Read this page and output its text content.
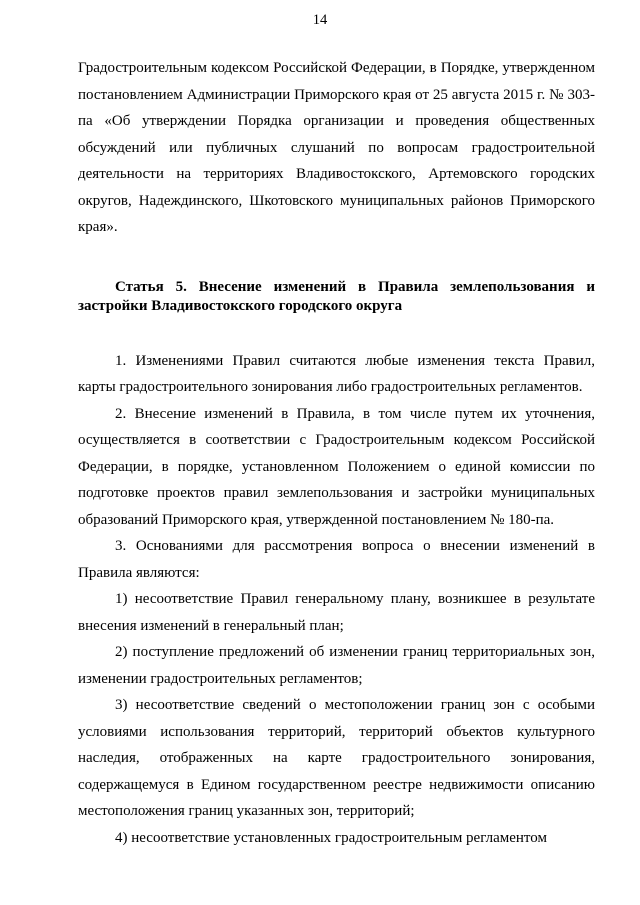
14

Градостроительным кодексом Российской Федерации, в Порядке, утвержденном постановлением Администрации Приморского края от 25 августа 2015 г. № 303-па «Об утверждении Порядка организации и проведения общественных обсуждений или публичных слушаний по вопросам градостроительной деятельности на территориях Владивостокского, Артемовского городских округов, Надеждинского, Шкотовского муниципальных районов Приморского края».

Статья 5. Внесение изменений в Правила землепользования и застройки Владивостокского городского округа

1. Изменениями Правил считаются любые изменения текста Правил, карты градостроительного зонирования либо градостроительных регламентов.

2. Внесение изменений в Правила, в том числе путем их уточнения, осуществляется в соответствии с Градостроительным кодексом Российской Федерации, в порядке, установленном Положением о единой комиссии по подготовке проектов правил землепользования и застройки муниципальных образований Приморского края, утвержденной постановлением № 180-па.

3. Основаниями для рассмотрения вопроса о внесении изменений в Правила являются:

1) несоответствие Правил генеральному плану, возникшее в результате внесения изменений в генеральный план;

2) поступление предложений об изменении границ территориальных зон, изменении градостроительных регламентов;

3) несоответствие сведений о местоположении границ зон с особыми условиями использования территорий, территорий объектов культурного наследия, отображенных на карте градостроительного зонирования, содержащемуся в Едином государственном реестре недвижимости описанию местоположения границ указанных зон, территорий;

4) несоответствие установленных градостроительным регламентом
